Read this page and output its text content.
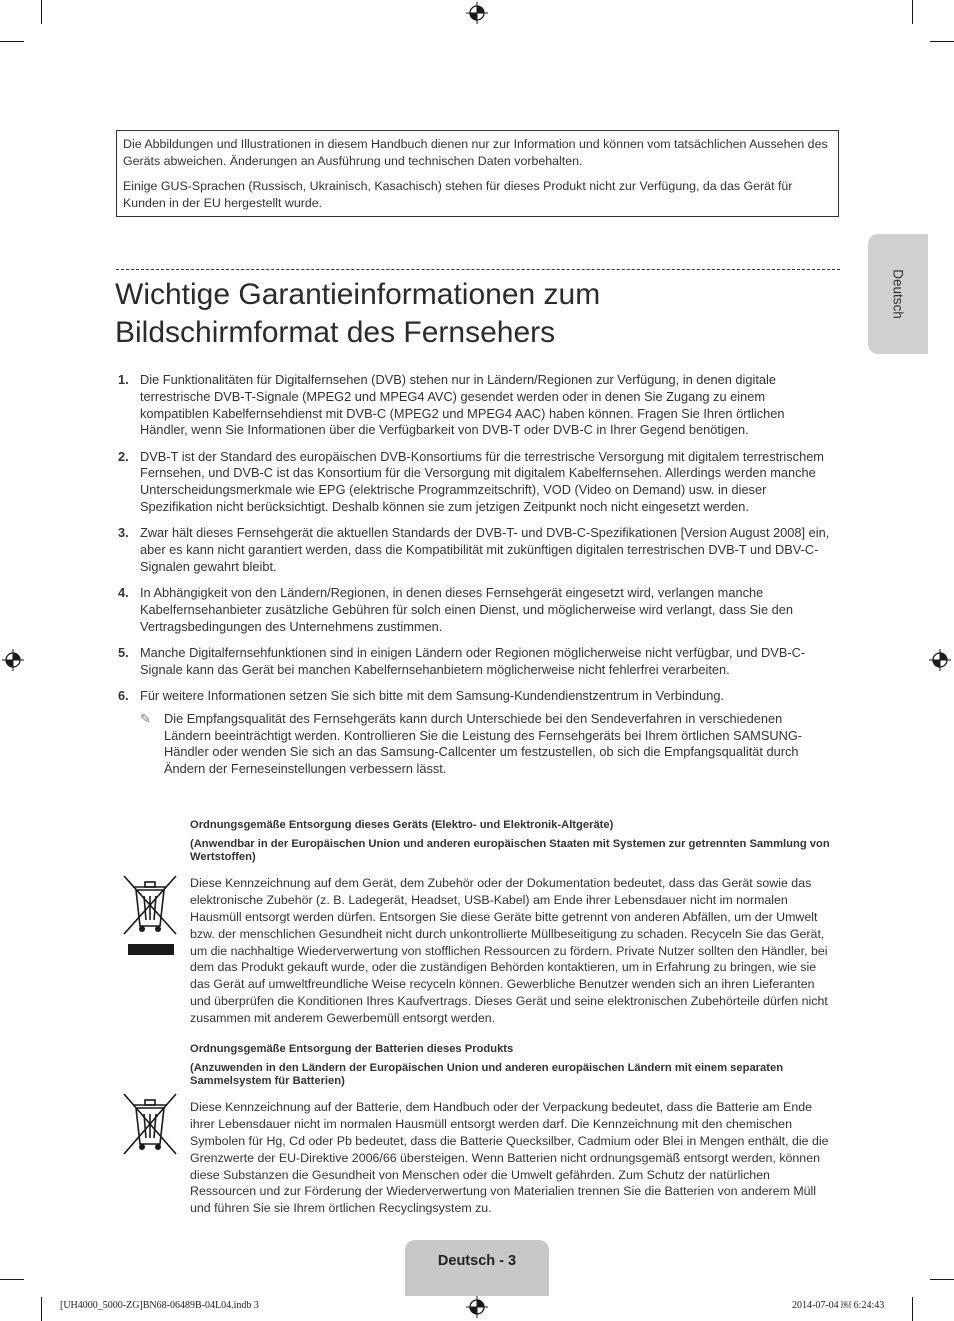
Die Abbildungen und Illustrationen in diesem Handbuch dienen nur zur Information und können vom tatsächlichen Aussehen des Geräts abweichen. Änderungen an Ausführung und technischen Daten vorbehalten.

Einige GUS-Sprachen (Russisch, Ukrainisch, Kasachisch) stehen für dieses Produkt nicht zur Verfügung, da das Gerät für Kunden in der EU hergestellt wurde.

Deutsch
Wichtige Garantieinformationen zum Bildschirmformat des Fernsehers
1. Die Funktionalitäten für Digitalfernsehen (DVB) stehen nur in Ländern/Regionen zur Verfügung, in denen digitale terrestrische DVB-T-Signale (MPEG2 und MPEG4 AVC) gesendet werden oder in denen Sie Zugang zu einem kompatiblen Kabelfernsehdienst mit DVB-C (MPEG2 und MPEG4 AAC) haben können. Fragen Sie Ihren örtlichen Händler, wenn Sie Informationen über die Verfügbarkeit von DVB-T oder DVB-C in Ihrer Gegend benötigen.
2. DVB-T ist der Standard des europäischen DVB-Konsortiums für die terrestrische Versorgung mit digitalem terrestrischem Fernsehen, und DVB-C ist das Konsortium für die Versorgung mit digitalem Kabelfernsehen. Allerdings werden manche Unterscheidungsmerkmale wie EPG (elektrische Programmzeitschrift), VOD (Video on Demand) usw. in dieser Spezifikation nicht berücksichtigt. Deshalb können sie zum jetzigen Zeitpunkt noch nicht eingesetzt werden.
3. Zwar hält dieses Fernsehgerät die aktuellen Standards der DVB-T- und DVB-C-Spezifikationen [Version August 2008] ein, aber es kann nicht garantiert werden, dass die Kompatibilität mit zukünftigen digitalen terrestrischen DVB-T und DBV-C-Signalen gewahrt bleibt.
4. In Abhängigkeit von den Ländern/Regionen, in denen dieses Fernsehgerät eingesetzt wird, verlangen manche Kabelfernsehanbieter zusätzliche Gebühren für solch einen Dienst, und möglicherweise wird verlangt, dass Sie den Vertragsbedingungen des Unternehmens zustimmen.
5. Manche Digitalfernsehfunktionen sind in einigen Ländern oder Regionen möglicherweise nicht verfügbar, und DVB-C-Signale kann das Gerät bei manchen Kabelfernsehanbietern möglicherweise nicht fehlerfrei verarbeiten.
6. Für weitere Informationen setzen Sie sich bitte mit dem Samsung-Kundendienstzentrum in Verbindung.
✎ Die Empfangsqualität des Fernsehgeräts kann durch Unterschiede bei den Sendeverfahren in verschiedenen Ländern beeinträchtigt werden. Kontrollieren Sie die Leistung des Fernsehgeräts bei Ihrem örtlichen SAMSUNG-Händler oder wenden Sie sich an das Samsung-Callcenter um festzustellen, ob sich die Empfangsqualität durch Ändern der Ferneseinstellungen verbessern lässt.
Ordnungsgemäße Entsorgung dieses Geräts (Elektro- und Elektronik-Altgeräte)
(Anwendbar in der Europäischen Union und anderen europäischen Staaten mit Systemen zur getrennten Sammlung von Wertstoffen)
Diese Kennzeichnung auf dem Gerät, dem Zubehör oder der Dokumentation bedeutet, dass das Gerät sowie das elektronische Zubehör (z. B. Ladegerät, Headset, USB-Kabel) am Ende ihrer Lebensdauer nicht im normalen Hausmüll entsorgt werden dürfen. Entsorgen Sie diese Geräte bitte getrennt von anderen Abfällen, um der Umwelt bzw. der menschlichen Gesundheit nicht durch unkontrollierte Müllbeseitigung zu schaden. Recyceln Sie das Gerät, um die nachhaltige Wiederverwertung von stofflichen Ressourcen zu fördern. Private Nutzer sollten den Händler, bei dem das Produkt gekauft wurde, oder die zuständigen Behörden kontaktieren, um in Erfahrung zu bringen, wie sie das Gerät auf umweltfreundliche Weise recyceln können. Gewerbliche Benutzer wenden sich an ihren Lieferanten und überprüfen die Konditionen Ihres Kaufvertrags. Dieses Gerät und seine elektronischen Zubehörteile dürfen nicht zusammen mit anderem Gewerbemüll entsorgt werden.
Ordnungsgemäße Entsorgung der Batterien dieses Produkts
(Anzuwenden in den Ländern der Europäischen Union und anderen europäischen Ländern mit einem separaten Sammelsystem für Batterien)
Diese Kennzeichnung auf der Batterie, dem Handbuch oder der Verpackung bedeutet, dass die Batterie am Ende ihrer Lebensdauer nicht im normalen Hausmüll entsorgt werden darf. Die Kennzeichnung mit den chemischen Symbolen für Hg, Cd oder Pb bedeutet, dass die Batterie Quecksilber, Cadmium oder Blei in Mengen enthält, die die Grenzwerte der EU-Direktive 2006/66 übersteigen. Wenn Batterien nicht ordnungsgemäß entsorgt werden, können diese Substanzen die Gesundheit von Menschen oder die Umwelt gefährden. Zum Schutz der natürlichen Ressourcen und zur Förderung der Wiederverwertung von Materialien trennen Sie die Batterien von anderem Müll und führen Sie sie Ihrem örtlichen Recyclingsystem zu.
Deutsch - 3
[UH4000_5000-ZG]BN68-06489B-04L04.indb 3	2014-07-04 ￼ 6:24:43
